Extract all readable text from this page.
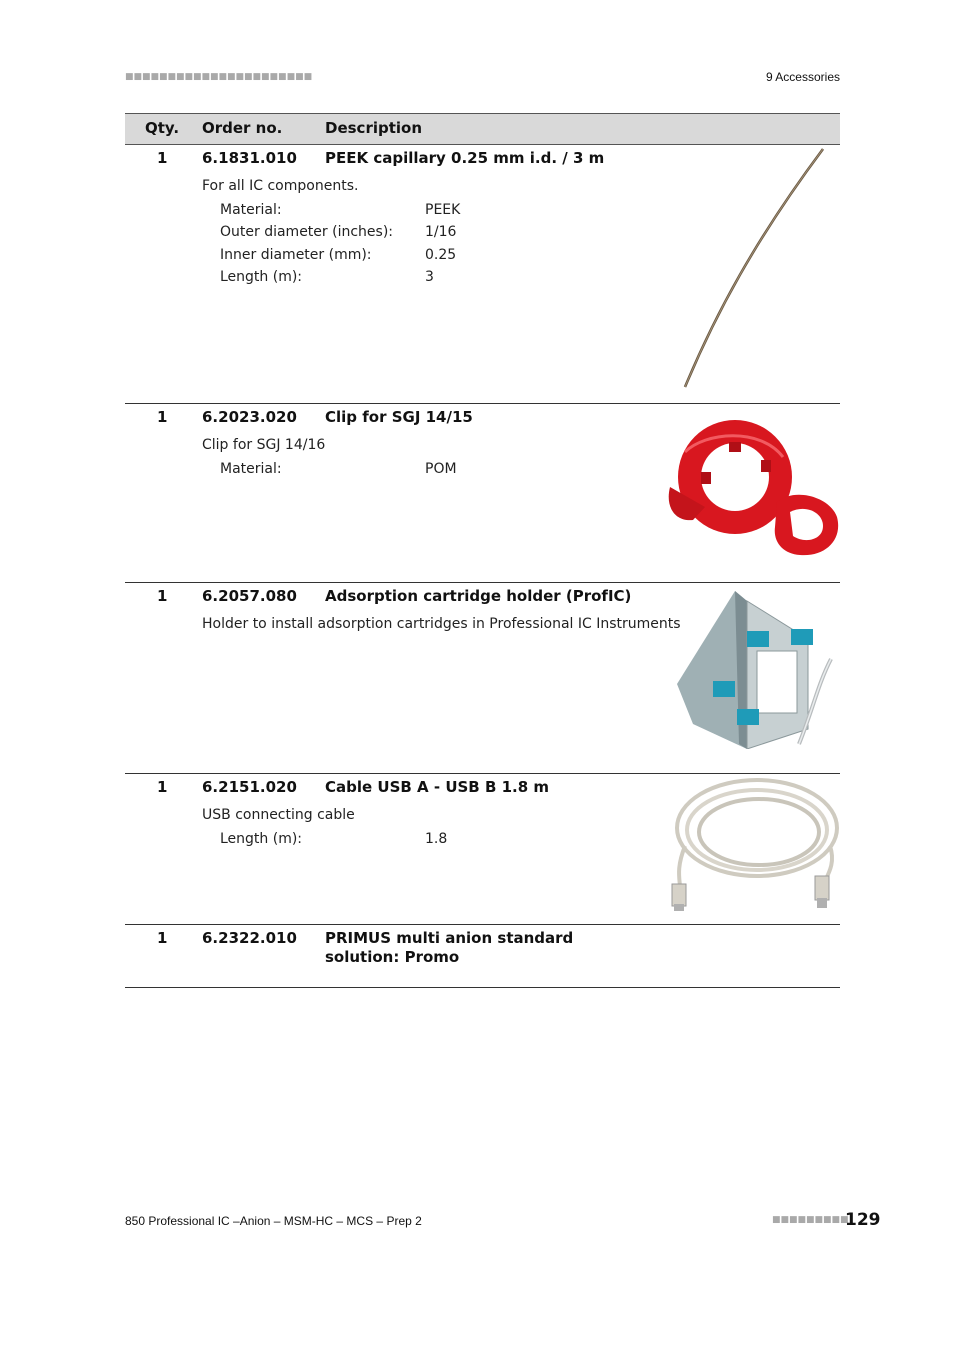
■■■■■■■■■■■■■■■■■■■■■■	9 Accessories
Qty. Order no.	Description
1 6.1831.010 PEEK capillary 0.25 mm i.d. / 3 m
For all IC components.
Material:	PEEK
Outer diameter (inches): 1/16
Inner diameter (mm):	0.25
Length (m):	3
1 6.2023.020 Clip for SGJ 14/15
Clip for SGJ 14/16
Material:	POM
1 6.2057.080 Adsorption cartridge holder (ProfIC)
Holder to install adsorption cartridges in Professional IC Instruments
1 6.2151.020 Cable USB A - USB B 1.8 m
USB connecting cable
Length (m):	1.8
1 6.2322.010 PRIMUS multi anion standard solution: Promo
850 Professional IC –Anion – MSM-HC – MCS – Prep 2	■■■■■■■■■
129
